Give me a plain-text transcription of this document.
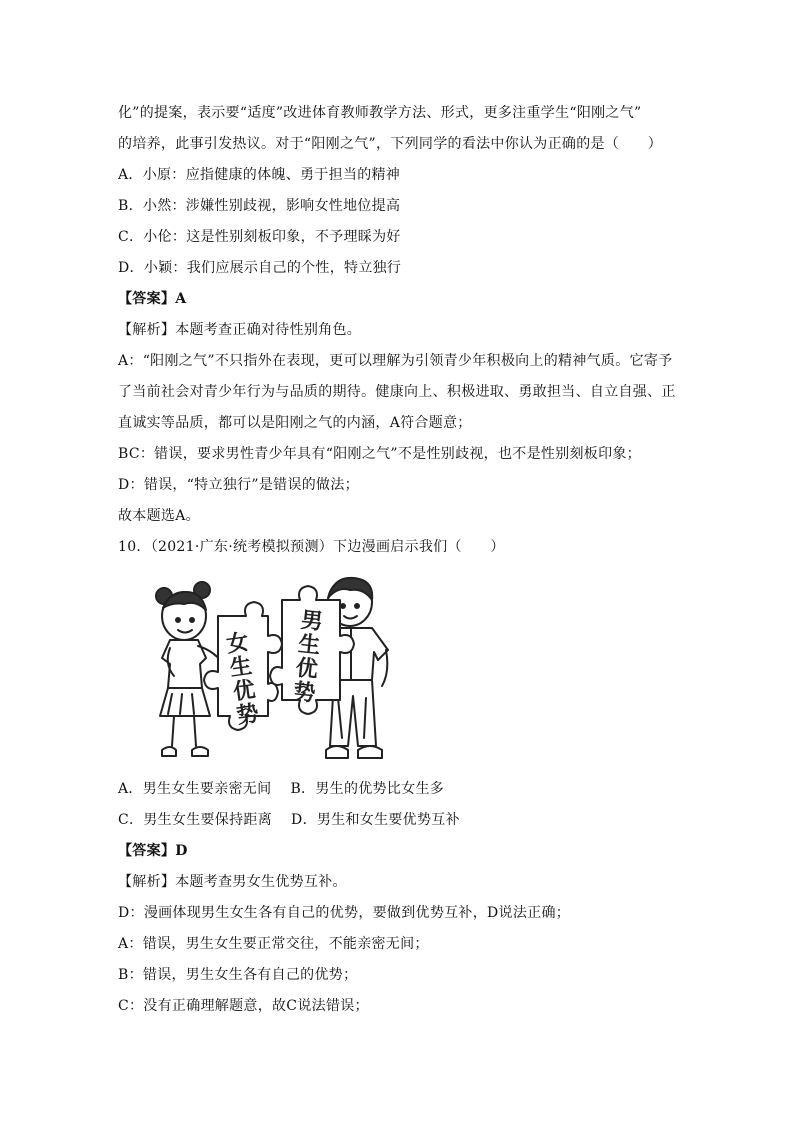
化”的提案，表示要“适度”改进体育教师教学方法、形式，更多注重学生“阳刚之气”
的培养，此事引发热议。对于“阳刚之气”，下列同学的看法中你认为正确的是（　　）
A．小原：应指健康的体魄、勇于担当的精神
B．小然：涉嫌性别歧视，影响女性地位提高
C．小伦：这是性别刻板印象，不予理睬为好
D．小颖：我们应展示自己的个性，特立独行
【答案】A
【解析】本题考查正确对待性别角色。
A：“阳刚之气”不只指外在表现，更可以理解为引领青少年积极向上的精神气质。它寄予
了当前社会对青少年行为与品质的期待。健康向上、积极进取、勇敢担当、自立自强、正
直诚实等品质，都可以是阳刚之气的内涵，A符合题意；
BC：错误，要求男性青少年具有“阳刚之气”不是性别歧视，也不是性别刻板印象；
D：错误，“特立独行”是错误的做法；
故本题选A。
10．（2021·广东·统考模拟预测）下边漫画启示我们（　　）
女
生
优
势
男
生
优
势
A．男生女生要亲密无间　 B．男生的优势比女生多
C．男生女生要保持距离　 D．男生和女生要优势互补
【答案】D
【解析】本题考查男女生优势互补。
D：漫画体现男生女生各有自己的优势，要做到优势互补，D说法正确；
A：错误，男生女生要正常交往，不能亲密无间；
B：错误，男生女生各有自己的优势；
C：没有正确理解题意，故C说法错误；
